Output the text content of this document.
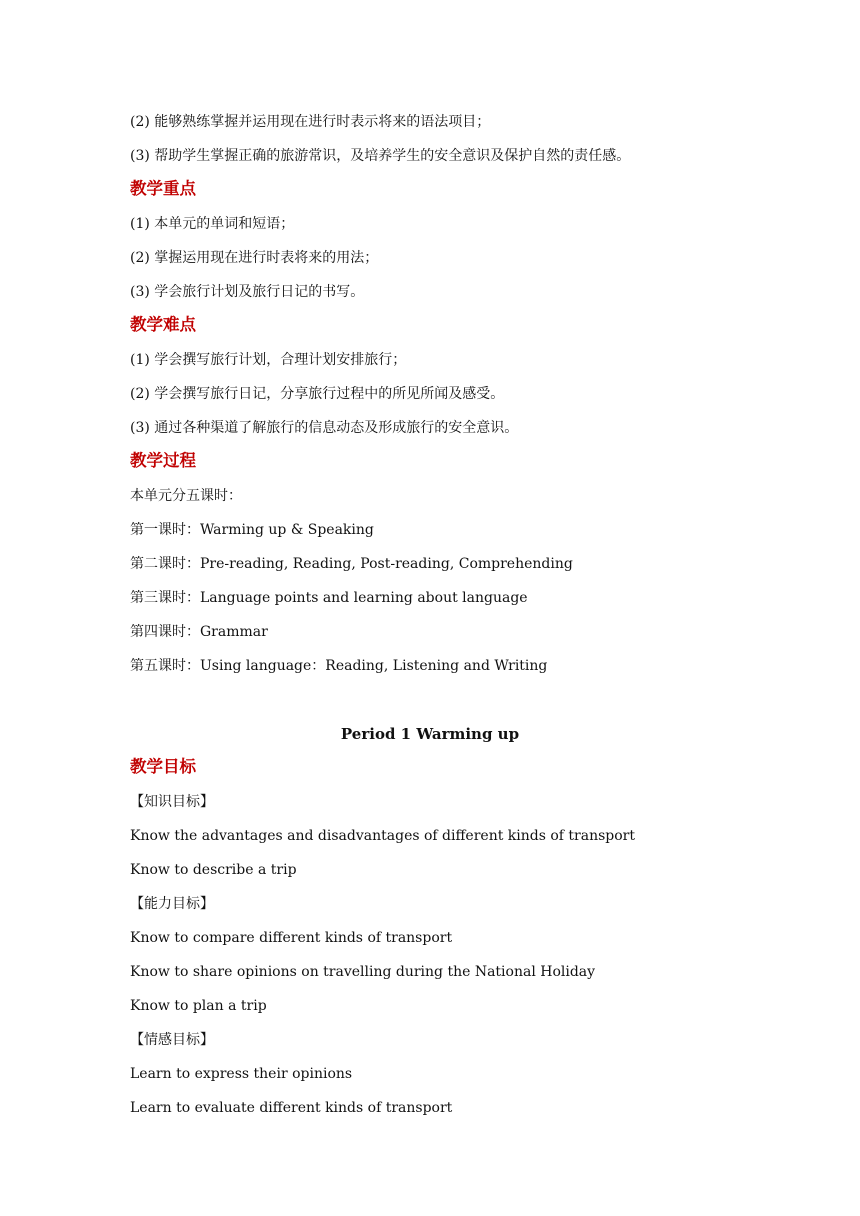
(2) 能够熟练掌握并运用现在进行时表示将来的语法项目；
(3) 帮助学生掌握正确的旅游常识，及培养学生的安全意识及保护自然的责任感。
教学重点
(1) 本单元的单词和短语；
(2) 掌握运用现在进行时表将来的用法；
(3) 学会旅行计划及旅行日记的书写。
教学难点
(1) 学会撰写旅行计划，合理计划安排旅行；
(2) 学会撰写旅行日记，分享旅行过程中的所见所闻及感受。
(3) 通过各种渠道了解旅行的信息动态及形成旅行的安全意识。
教学过程
本单元分五课时：
第一课时：Warming up & Speaking
第二课时：Pre-reading, Reading, Post-reading, Comprehending
第三课时：Language points and learning about language
第四课时：Grammar
第五课时：Using language：Reading, Listening and Writing
Period 1 Warming up
教学目标
【知识目标】
Know the advantages and disadvantages of different kinds of transport
Know to describe a trip
【能力目标】
Know to compare different kinds of transport
Know to share opinions on travelling during the National Holiday
Know to plan a trip
【情感目标】
Learn to express their opinions
Learn to evaluate different kinds of transport
